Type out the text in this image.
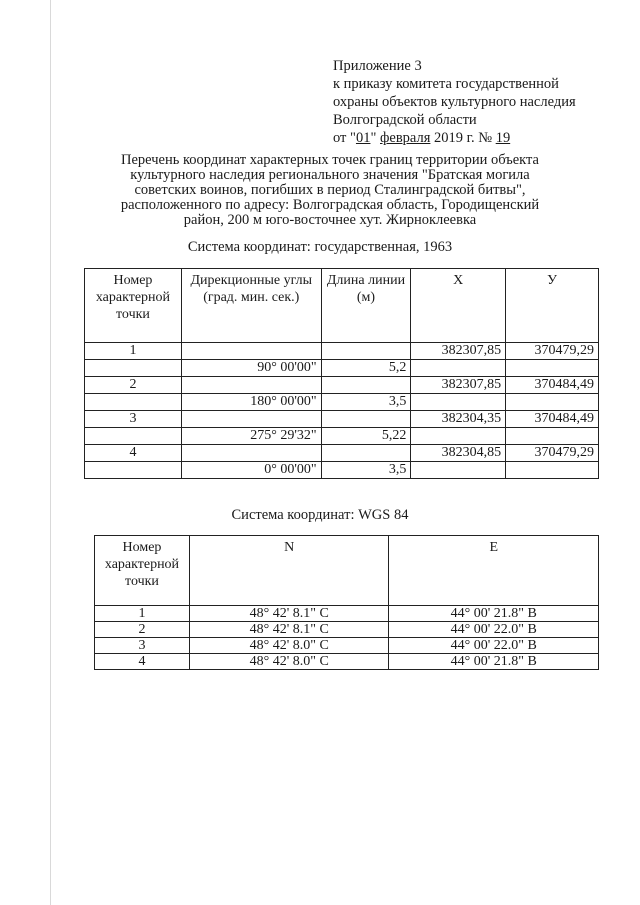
Приложение 3
к приказу комитета государственной
охраны объектов культурного наследия
Волгоградской области
от "01" февраля 2019 г. № 19
Перечень координат характерных точек границ территории объекта
культурного наследия регионального значения "Братская могила
советских воинов, погибших в период Сталинградской битвы",
расположенного по адресу: Волгоградская область, Городищенский
район, 200 м юго-восточнее хут. Жирноклеевка
Система координат: государственная, 1963
Номер характерной точки	Дирекционные углы (град. мин. сек.)	Длина линии (м)	X	У
1			382307,85	370479,29
	90° 00'00"	5,2		
2			382307,85	370484,49
	180° 00'00"	3,5		
3			382304,35	370484,49
	275° 29'32"	5,22		
4			382304,85	370479,29
	0° 00'00"	3,5		
Система координат: WGS 84
Номер характерной точки	N	E
1	48° 42' 8.1" С	44° 00' 21.8" В
2	48° 42' 8.1" С	44° 00' 22.0" В
3	48° 42' 8.0" С	44° 00' 22.0" В
4	48° 42' 8.0" С	44° 00' 21.8" В
